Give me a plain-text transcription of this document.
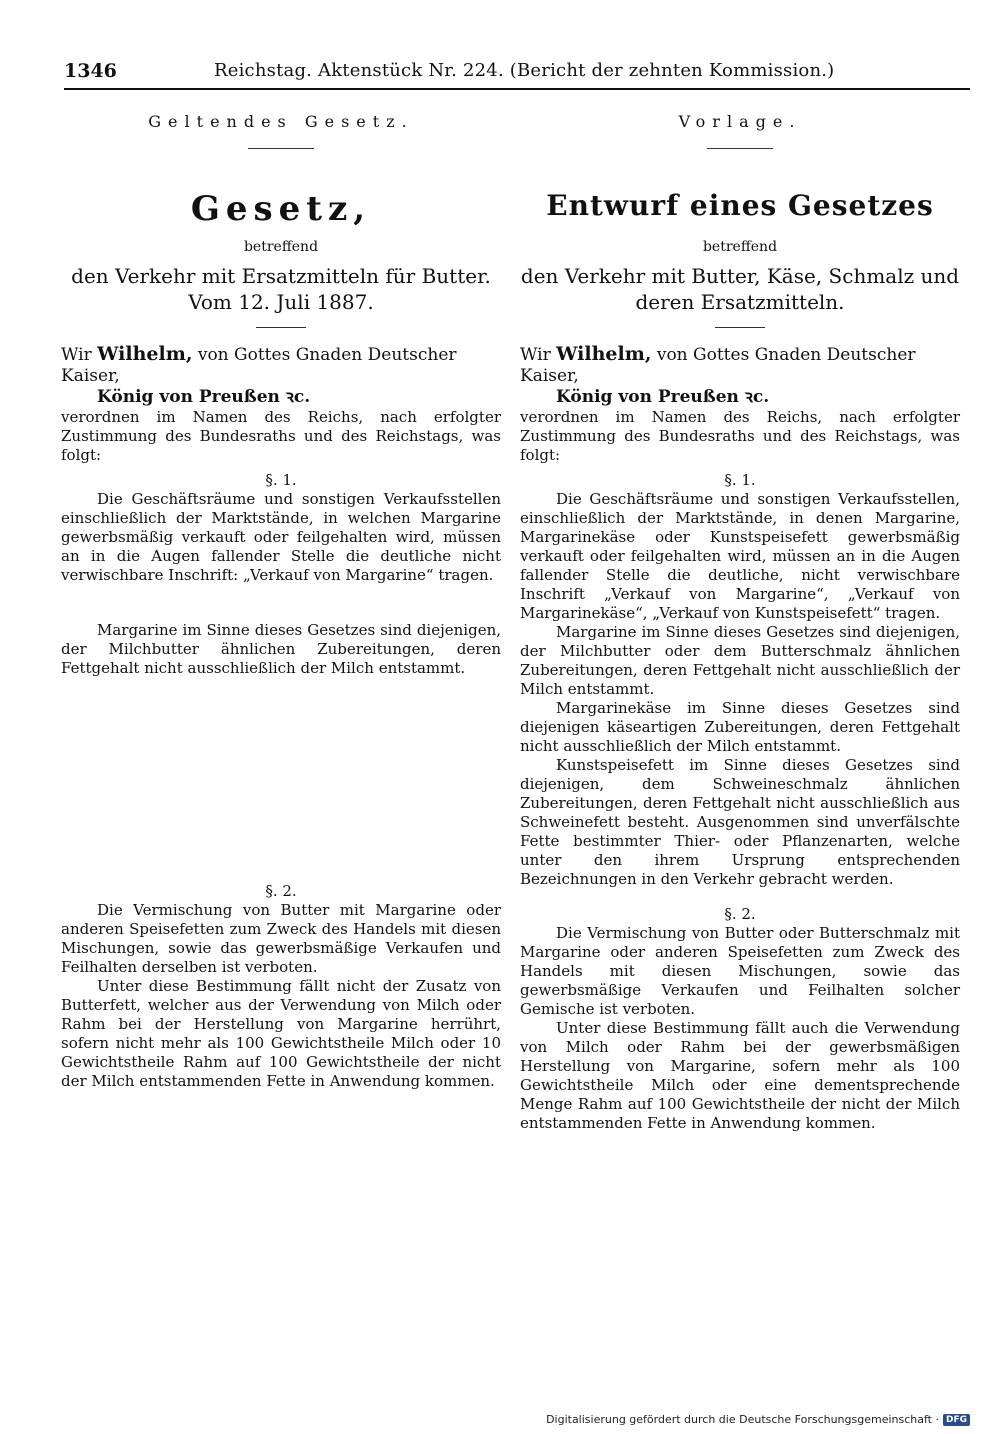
1346	Reichstag. Aktenstück Nr. 224. (Bericht der zehnten Kommission.)
Geltendes Gesetz.
Gesetz,
betreffend
den Verkehr mit Ersatzmitteln für Butter.
Vom 12. Juli 1887.
Wir Wilhelm, von Gottes Gnaden Deutscher Kaiser,
König von Preußen ꝛc.
verordnen im Namen des Reichs, nach erfolgter Zustimmung des Bundesraths und des Reichstags, was folgt:
§. 1.

Die Geschäftsräume und sonstigen Verkaufsstellen einschließlich der Marktstände, in welchen Margarine gewerbsmäßig verkauft oder feilgehalten wird, müssen an in die Augen fallender Stelle die deutliche nicht verwischbare Inschrift: „Verkauf von Margarine“ tragen.

Margarine im Sinne dieses Gesetzes sind diejenigen, der Milchbutter ähnlichen Zubereitungen, deren Fettgehalt nicht ausschließlich der Milch entstammt.

§. 2.

Die Vermischung von Butter mit Margarine oder anderen Speisefetten zum Zweck des Handels mit diesen Mischungen, sowie das gewerbsmäßige Verkaufen und Feilhalten derselben ist verboten.

Unter diese Bestimmung fällt nicht der Zusatz von Butterfett, welcher aus der Verwendung von Milch oder Rahm bei der Herstellung von Margarine herrührt, sofern nicht mehr als 100 Gewichtstheile Milch oder 10 Gewichtstheile Rahm auf 100 Gewichtstheile der nicht der Milch entstammenden Fette in Anwendung kommen.

Vorlage.
Entwurf eines Gesetzes
betreffend
den Verkehr mit Butter, Käse, Schmalz und deren Ersatzmitteln.
Wir Wilhelm, von Gottes Gnaden Deutscher Kaiser,
König von Preußen ꝛc.
verordnen im Namen des Reichs, nach erfolgter Zustimmung des Bundesraths und des Reichstags, was folgt:
§. 1.

Die Geschäftsräume und sonstigen Verkaufsstellen, einschließlich der Marktstände, in denen Margarine, Margarinekäse oder Kunstspeisefett gewerbsmäßig verkauft oder feilgehalten wird, müssen an in die Augen fallender Stelle die deutliche, nicht verwischbare Inschrift „Verkauf von Margarine“, „Verkauf von Margarinekäse“, „Verkauf von Kunstspeisefett“ tragen.

Margarine im Sinne dieses Gesetzes sind diejenigen, der Milchbutter oder dem Butterschmalz ähnlichen Zubereitungen, deren Fettgehalt nicht ausschließlich der Milch entstammt.

Margarinekäse im Sinne dieses Gesetzes sind diejenigen käseartigen Zubereitungen, deren Fettgehalt nicht ausschließlich der Milch entstammt.

Kunstspeisefett im Sinne dieses Gesetzes sind diejenigen, dem Schweineschmalz ähnlichen Zubereitungen, deren Fettgehalt nicht ausschließlich aus Schweinefett besteht. Ausgenommen sind unverfälschte Fette bestimmter Thier- oder Pflanzenarten, welche unter den ihrem Ursprung entsprechenden Bezeichnungen in den Verkehr gebracht werden.

§. 2.

Die Vermischung von Butter oder Butterschmalz mit Margarine oder anderen Speisefetten zum Zweck des Handels mit diesen Mischungen, sowie das gewerbsmäßige Verkaufen und Feilhalten solcher Gemische ist verboten.

Unter diese Bestimmung fällt auch die Verwendung von Milch oder Rahm bei der gewerbsmäßigen Herstellung von Margarine, sofern mehr als 100 Gewichtstheile Milch oder eine dementsprechende Menge Rahm auf 100 Gewichtstheile der nicht der Milch entstammenden Fette in Anwendung kommen.

Digitalisierung gefördert durch die Deutsche Forschungsgemeinschaft · DFG
